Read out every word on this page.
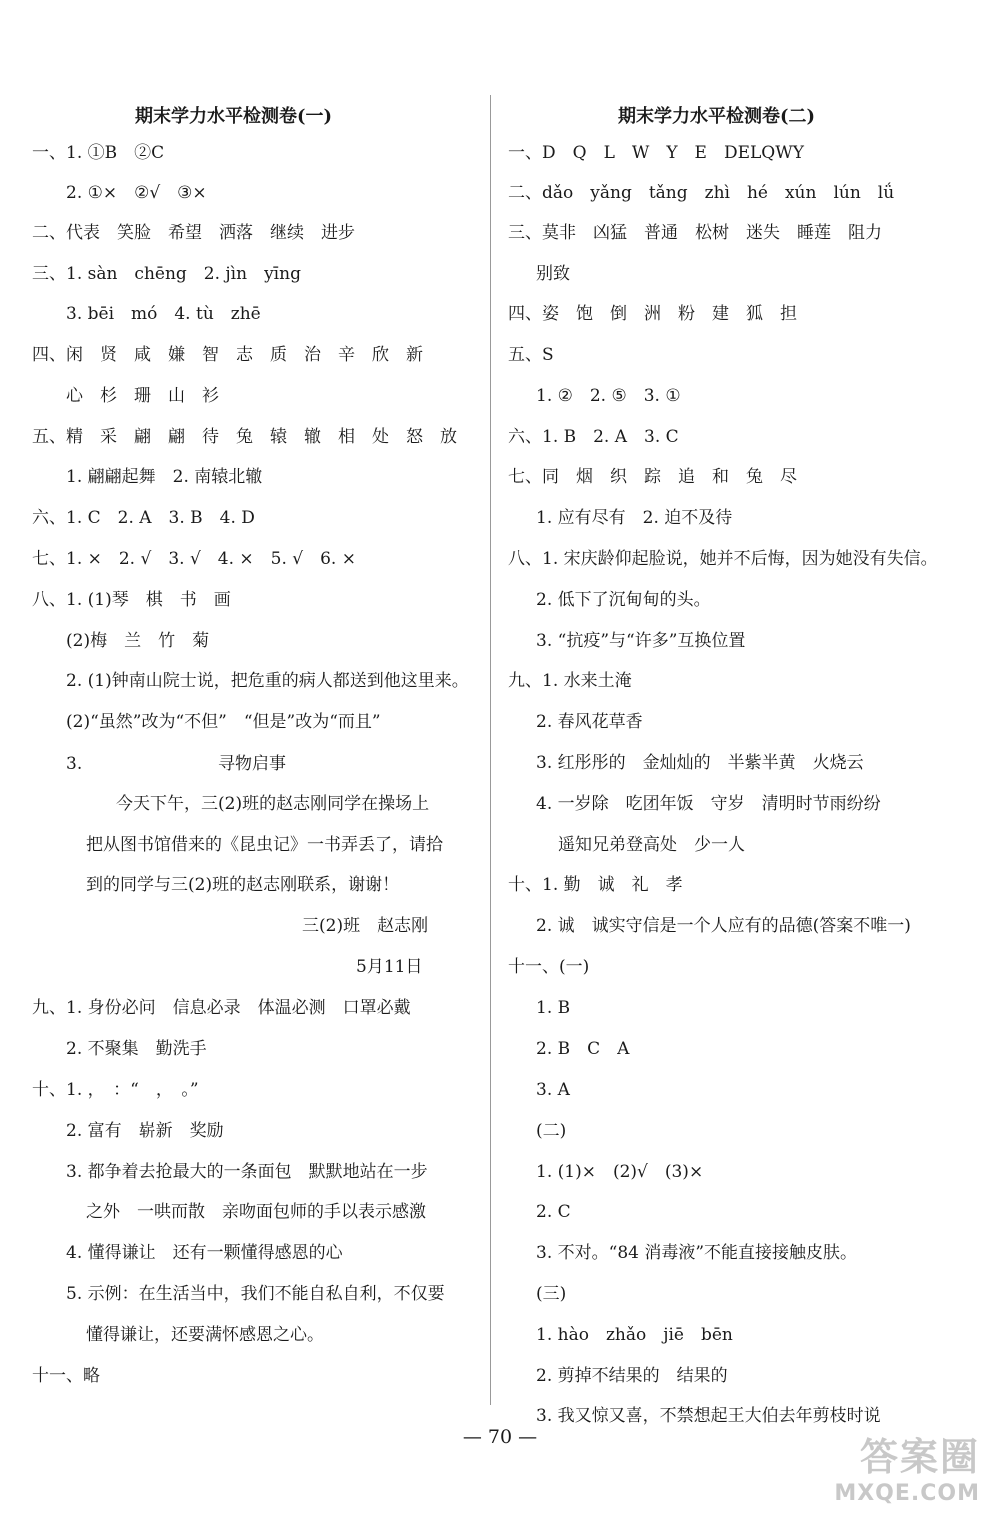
期末学力水平检测卷(一)
一、1. ①B　②C
2. ①×　②√　③×
二、代表　笑脸　希望　洒落　继续　进步
三、1. sàn　chēng　2. jìn　yīng
3. bēi　mó　4. tù　zhē
四、闲　贤　咸　嫌　智　志　质　治　辛　欣　新
心　杉　珊　山　衫
五、精　采　翩　翩　待　兔　辕　辙　相　处　怒　放
1. 翩翩起舞　2. 南辕北辙
六、1. C　2. A　3. B　4. D
七、1. ×　2. √　3. √　4. ×　5. √　6. ×
八、1. (1)琴　棋　书　画
(2)梅　兰　竹　菊
2. (1)钟南山院士说，把危重的病人都送到他这里来。
(2)“虽然”改为“不但”　“但是”改为“而且”
3.	寻物启事
今天下午，三(2)班的赵志刚同学在操场上
把从图书馆借来的《昆虫记》一书弄丢了，请拾
到的同学与三(2)班的赵志刚联系，谢谢！
三(2)班　赵志刚
5月11日
九、1. 身份必问　信息必录　体温必测　口罩必戴
2. 不聚集　勤洗手
十、1. ，　：“　，　。”
2. 富有　崭新　奖励
3. 都争着去抢最大的一条面包　默默地站在一步
之外　一哄而散　亲吻面包师的手以表示感激
4. 懂得谦让　还有一颗懂得感恩的心
5. 示例：在生活当中，我们不能自私自利，不仅要
懂得谦让，还要满怀感恩之心。
十一、略
期末学力水平检测卷(二)
一、D　Q　L　W　Y　E　DELQWY
二、dǎo　yǎng　tǎng　zhì　hé　xún　lún　lǘ
三、莫非　凶猛　普通　松树　迷失　睡莲　阻力
别致
四、姿　饱　倒　洲　粉　建　狐　担
五、S
1. ②　2. ⑤　3. ①
六、1. B　2. A　3. C
七、同　烟　织　踪　追　和　兔　尽
1. 应有尽有　2. 迫不及待
八、1. 宋庆龄仰起脸说，她并不后悔，因为她没有失信。
2. 低下了沉甸甸的头。
3. “抗疫”与“许多”互换位置
九、1. 水来土淹
2. 春风花草香
3. 红彤彤的　金灿灿的　半紫半黄　火烧云
4. 一岁除　吃团年饭　守岁　清明时节雨纷纷
遥知兄弟登高处　少一人
十、1. 勤　诚　礼　孝
2. 诚　诚实守信是一个人应有的品德(答案不唯一)
十一、(一)
1. B
2. B　C　A
3. A
(二)
1. (1)×　(2)√　(3)×
2. C
3. 不对。“84 消毒液”不能直接接触皮肤。
(三)
1. hào　zhǎo　jiē　bēn
2. 剪掉不结果的　结果的
3. 我又惊又喜，不禁想起王大伯去年剪枝时说
— 70 —	答案圈
MXQE.COM
